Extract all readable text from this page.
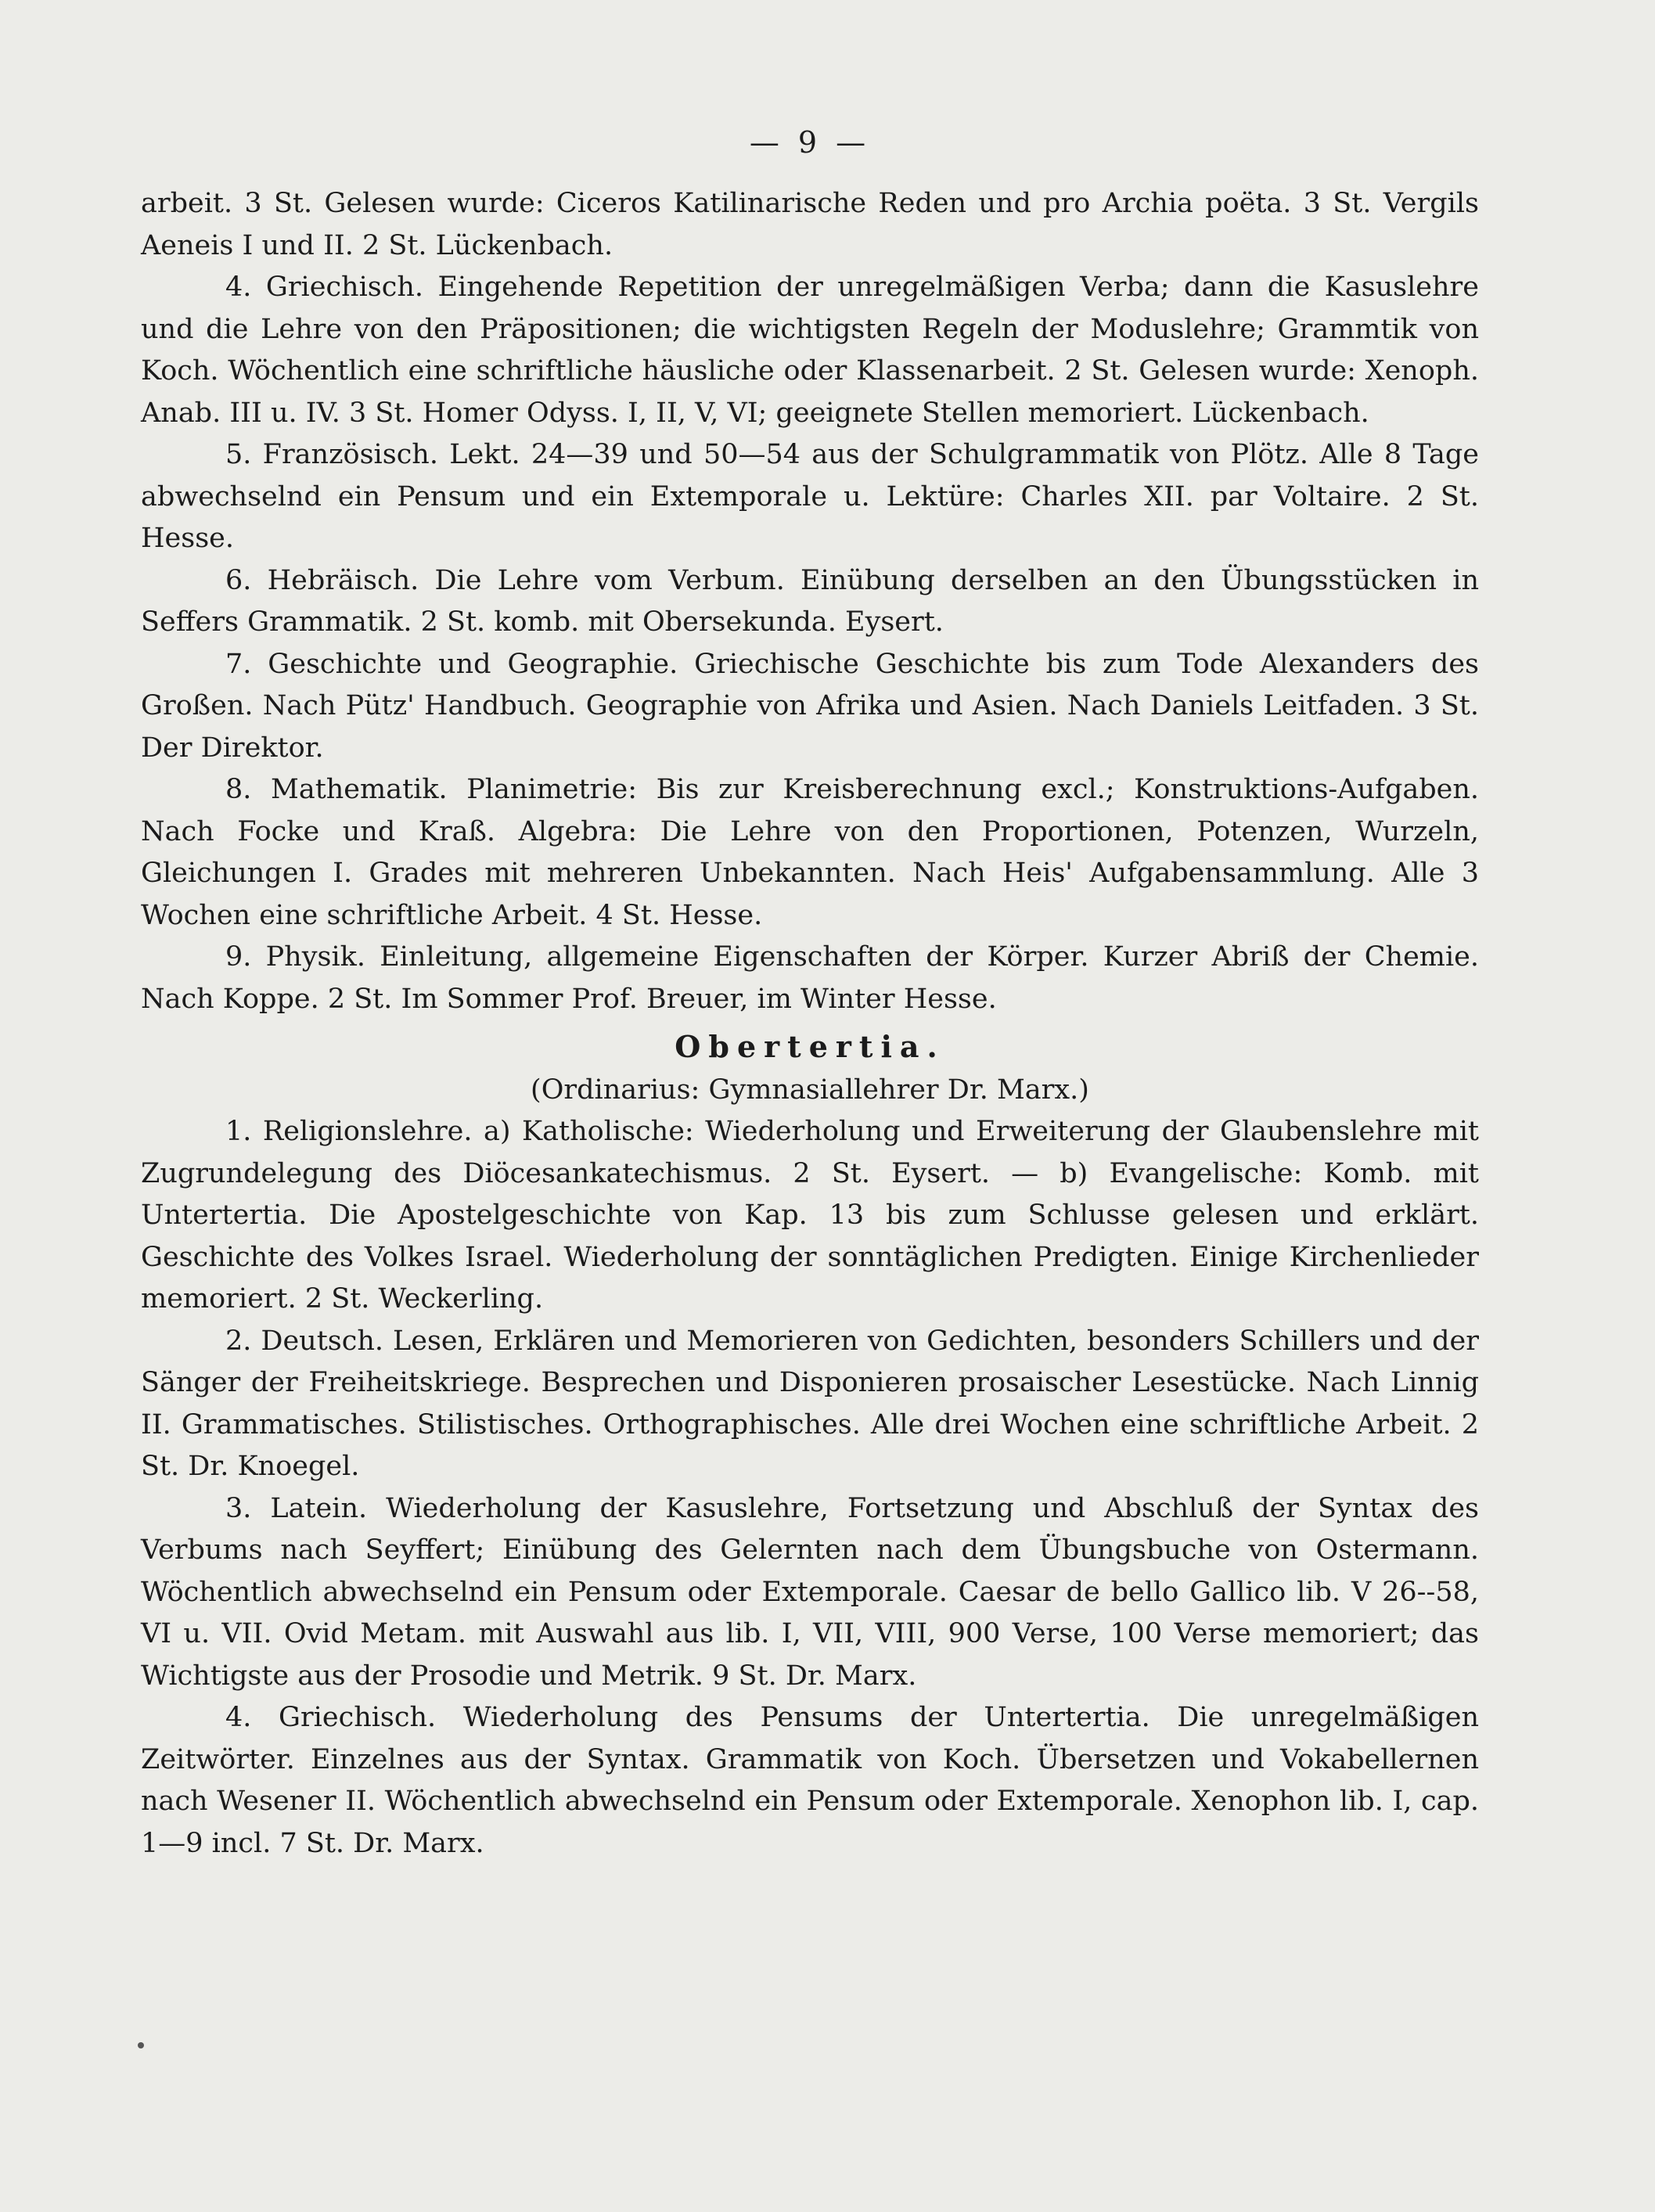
— 9 —

arbeit. 3 St. Gelesen wurde: Ciceros Katilinarische Reden und pro Archia poëta. 3 St. Vergils Aeneis I und II. 2 St. Lückenbach.

4. Griechisch. Eingehende Repetition der unregelmäßigen Verba; dann die Kasuslehre und die Lehre von den Präpositionen; die wichtigsten Regeln der Moduslehre; Grammtik von Koch. Wöchentlich eine schriftliche häusliche oder Klassenarbeit. 2 St. Gelesen wurde: Xenoph. Anab. III u. IV. 3 St. Homer Odyss. I, II, V, VI; geeignete Stellen memoriert. Lückenbach.

5. Französisch. Lekt. 24—39 und 50—54 aus der Schulgrammatik von Plötz. Alle 8 Tage abwechselnd ein Pensum und ein Extemporale u. Lektüre: Charles XII. par Voltaire. 2 St. Hesse.

6. Hebräisch. Die Lehre vom Verbum. Einübung derselben an den Übungsstücken in Seffers Grammatik. 2 St. komb. mit Obersekunda. Eysert.

7. Geschichte und Geographie. Griechische Geschichte bis zum Tode Alexanders des Großen. Nach Pütz' Handbuch. Geographie von Afrika und Asien. Nach Daniels Leitfaden. 3 St. Der Direktor.

8. Mathematik. Planimetrie: Bis zur Kreisberechnung excl.; Konstruktions-Aufgaben. Nach Focke und Kraß. Algebra: Die Lehre von den Proportionen, Potenzen, Wurzeln, Gleichungen I. Grades mit mehreren Unbekannten. Nach Heis' Aufgabensammlung. Alle 3 Wochen eine schriftliche Arbeit. 4 St. Hesse.

9. Physik. Einleitung, allgemeine Eigenschaften der Körper. Kurzer Abriß der Chemie. Nach Koppe. 2 St. Im Sommer Prof. Breuer, im Winter Hesse.

Obertertia.
(Ordinarius: Gymnasiallehrer Dr. Marx.)

1. Religionslehre. a) Katholische: Wiederholung und Erweiterung der Glaubenslehre mit Zugrundelegung des Diöcesankatechismus. 2 St. Eysert. — b) Evangelische: Komb. mit Untertertia. Die Apostelgeschichte von Kap. 13 bis zum Schlusse gelesen und erklärt. Geschichte des Volkes Israel. Wiederholung der sonntäglichen Predigten. Einige Kirchenlieder memoriert. 2 St. Weckerling.

2. Deutsch. Lesen, Erklären und Memorieren von Gedichten, besonders Schillers und der Sänger der Freiheitskriege. Besprechen und Disponieren prosaischer Lesestücke. Nach Linnig II. Grammatisches. Stilistisches. Orthographisches. Alle drei Wochen eine schriftliche Arbeit. 2 St. Dr. Knoegel.

3. Latein. Wiederholung der Kasuslehre, Fortsetzung und Abschluß der Syntax des Verbums nach Seyffert; Einübung des Gelernten nach dem Übungsbuche von Ostermann. Wöchentlich abwechselnd ein Pensum oder Extemporale. Caesar de bello Gallico lib. V 26--58, VI u. VII. Ovid Metam. mit Auswahl aus lib. I, VII, VIII, 900 Verse, 100 Verse memoriert; das Wichtigste aus der Prosodie und Metrik. 9 St. Dr. Marx.

4. Griechisch. Wiederholung des Pensums der Untertertia. Die unregelmäßigen Zeitwörter. Einzelnes aus der Syntax. Grammatik von Koch. Übersetzen und Vokabellernen nach Wesener II. Wöchentlich abwechselnd ein Pensum oder Extemporale. Xenophon lib. I, cap. 1—9 incl. 7 St. Dr. Marx.
